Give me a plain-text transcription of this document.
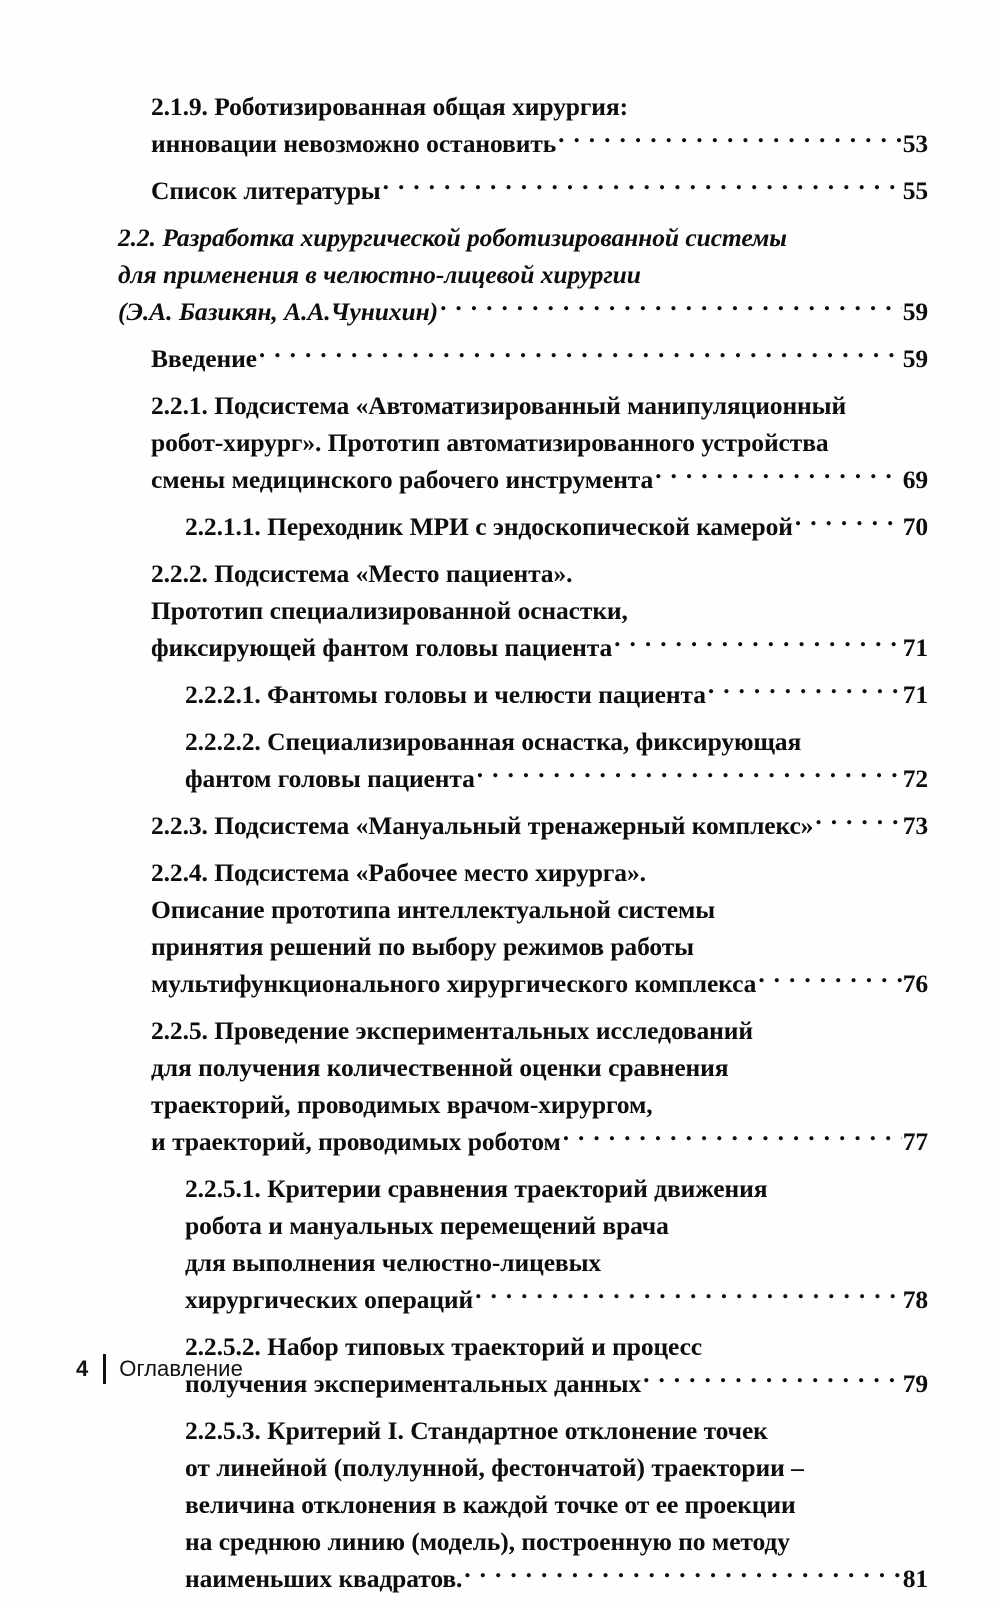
2.1.9. Роботизированная общая хирургия:
инновации невозможно остановить . . .	53
Список литературы . . .	55
2.2. Разработка хирургической роботизированной системы
для применения в челюстно-лицевой хирургии
(Э.А. Базикян, А.А.Чунихин) . . .	59
Введение . . .	59
2.2.1. Подсистема «Автоматизированный манипуляционный
робот-хирург». Прототип автоматизированного устройства
смены медицинского рабочего инструмента . . .	69
2.2.1.1. Переходник МРИ с эндоскопической камерой . . .	70
2.2.2. Подсистема «Место пациента».
Прототип специализированной оснастки,
фиксирующей фантом головы пациента . . .	71
2.2.2.1. Фантомы головы и челюсти пациента . . .	71
2.2.2.2. Специализированная оснастка, фиксирующая
фантом головы пациента . . .	72
2.2.3. Подсистема «Мануальный тренажерный комплекс» . . .	73
2.2.4. Подсистема «Рабочее место хирурга».
Описание прототипа интеллектуальной системы
принятия решений по выбору режимов работы
мультифункционального хирургического комплекса . . .	76
2.2.5. Проведение экспериментальных исследований
для получения количественной оценки сравнения
траекторий, проводимых врачом-хирургом,
и траекторий, проводимых роботом . . .	77
2.2.5.1. Критерии сравнения траекторий движения
робота и мануальных перемещений врача
для выполнения челюстно-лицевых
хирургических операций . . .	78
2.2.5.2. Набор типовых траекторий и процесс
получения экспериментальных данных . . .	79
2.2.5.3. Критерий I. Стандартное отклонение точек
от линейной (полулунной, фестончатой) траектории –
величина отклонения в каждой точке от ее проекции
на среднюю линию (модель), построенную по методу
наименьших квадратов. . . .	81
4 Оглавление
